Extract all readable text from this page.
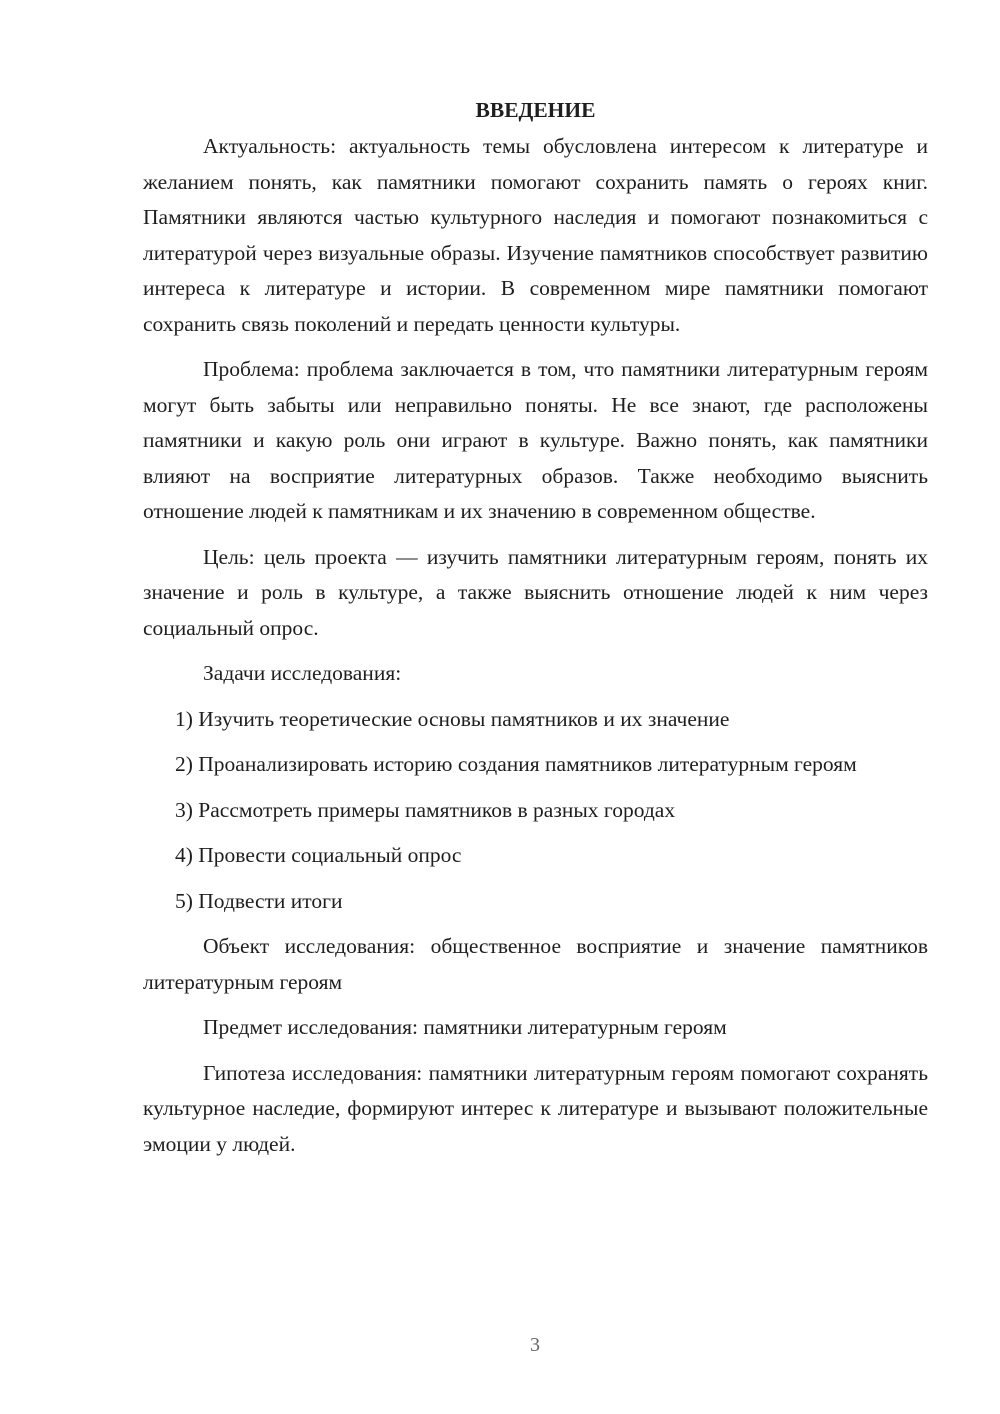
ВВЕДЕНИЕ

Актуальность: актуальность темы обусловлена интересом к литературе и желанием понять, как памятники помогают сохранить память о героях книг. Памятники являются частью культурного наследия и помогают познакомиться с литературой через визуальные образы. Изучение памятников способствует развитию интереса к литературе и истории. В современном мире памятники помогают сохранить связь поколений и передать ценности культуры.

Проблема: проблема заключается в том, что памятники литературным героям могут быть забыты или неправильно поняты. Не все знают, где расположены памятники и какую роль они играют в культуре. Важно понять, как памятники влияют на восприятие литературных образов. Также необходимо выяснить отношение людей к памятникам и их значению в современном обществе.

Цель: цель проекта — изучить памятники литературным героям, понять их значение и роль в культуре, а также выяснить отношение людей к ним через социальный опрос.

Задачи исследования:

1) Изучить теоретические основы памятников и их значение

2) Проанализировать историю создания памятников литературным героям

3) Рассмотреть примеры памятников в разных городах

4) Провести социальный опрос

5) Подвести итоги

Объект исследования: общественное восприятие и значение памятников литературным героям

Предмет исследования: памятники литературным героям

Гипотеза исследования: памятники литературным героям помогают сохранять культурное наследие, формируют интерес к литературе и вызывают положительные эмоции у людей.

3
